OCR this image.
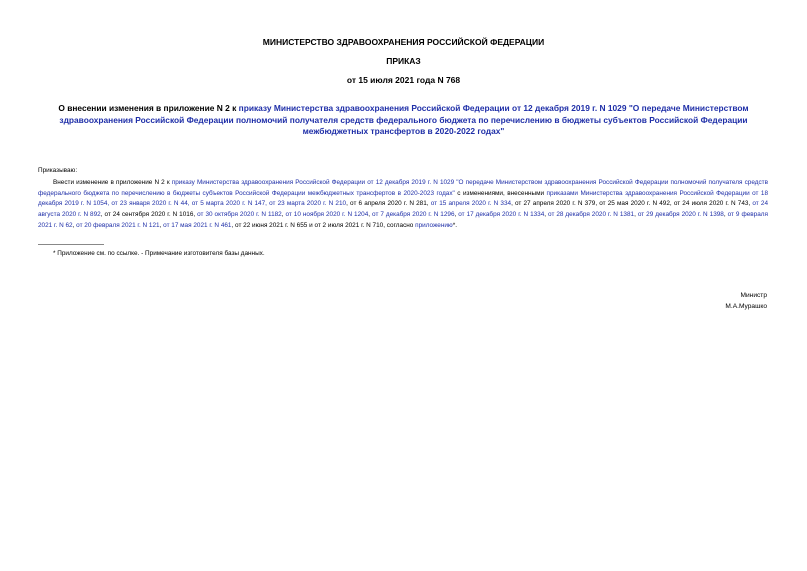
МИНИСТЕРСТВО ЗДРАВООХРАНЕНИЯ РОССИЙСКОЙ ФЕДЕРАЦИИ
ПРИКАЗ
от 15 июля 2021 года N 768
О внесении изменения в приложение N 2 к приказу Министерства здравоохранения Российской Федерации от 12 декабря 2019 г. N 1029 "О передаче Министерством здравоохранения Российской Федерации полномочий получателя средств федерального бюджета по перечислению в бюджеты субъектов Российской Федерации межбюджетных трансфертов в 2020-2022 годах"
Приказываю:
Внести изменение в приложение N 2 к приказу Министерства здравоохранения Российской Федерации от 12 декабря 2019 г. N 1029 "О передаче Министерством здравоохранения Российской Федерации полномочий получателя средств федерального бюджета по перечислению в бюджеты субъектов Российской Федерации межбюджетных трансфертов в 2020-2023 годах" с изменениями, внесенными приказами Министерства здравоохранения Российской Федерации от 18 декабря 2019 г. N 1054, от 23 января 2020 г. N 44, от 5 марта 2020 г. N 147, от 23 марта 2020 г. N 210, от 6 апреля 2020 г. N 281, от 15 апреля 2020 г. N 334, от 27 апреля 2020 г. N 379, от 25 мая 2020 г. N 492, от 24 июля 2020 г. N 743, от 24 августа 2020 г. N 892, от 24 сентября 2020 г. N 1016, от 30 октября 2020 г. N 1182, от 10 ноября 2020 г. N 1204, от 7 декабря 2020 г. N 1296, от 17 декабря 2020 г. N 1334, от 28 декабря 2020 г. N 1381, от 29 декабря 2020 г. N 1398, от 9 февраля 2021 г. N 62, от 20 февраля 2021 г. N 121, от 17 мая 2021 г. N 461, от 22 июня 2021 г. N 655 и от 2 июля 2021 г. N 710, согласно приложению*.
* Приложение см. по ссылке. - Примечание изготовителя базы данных.
Министр
М.А.Мурашко
